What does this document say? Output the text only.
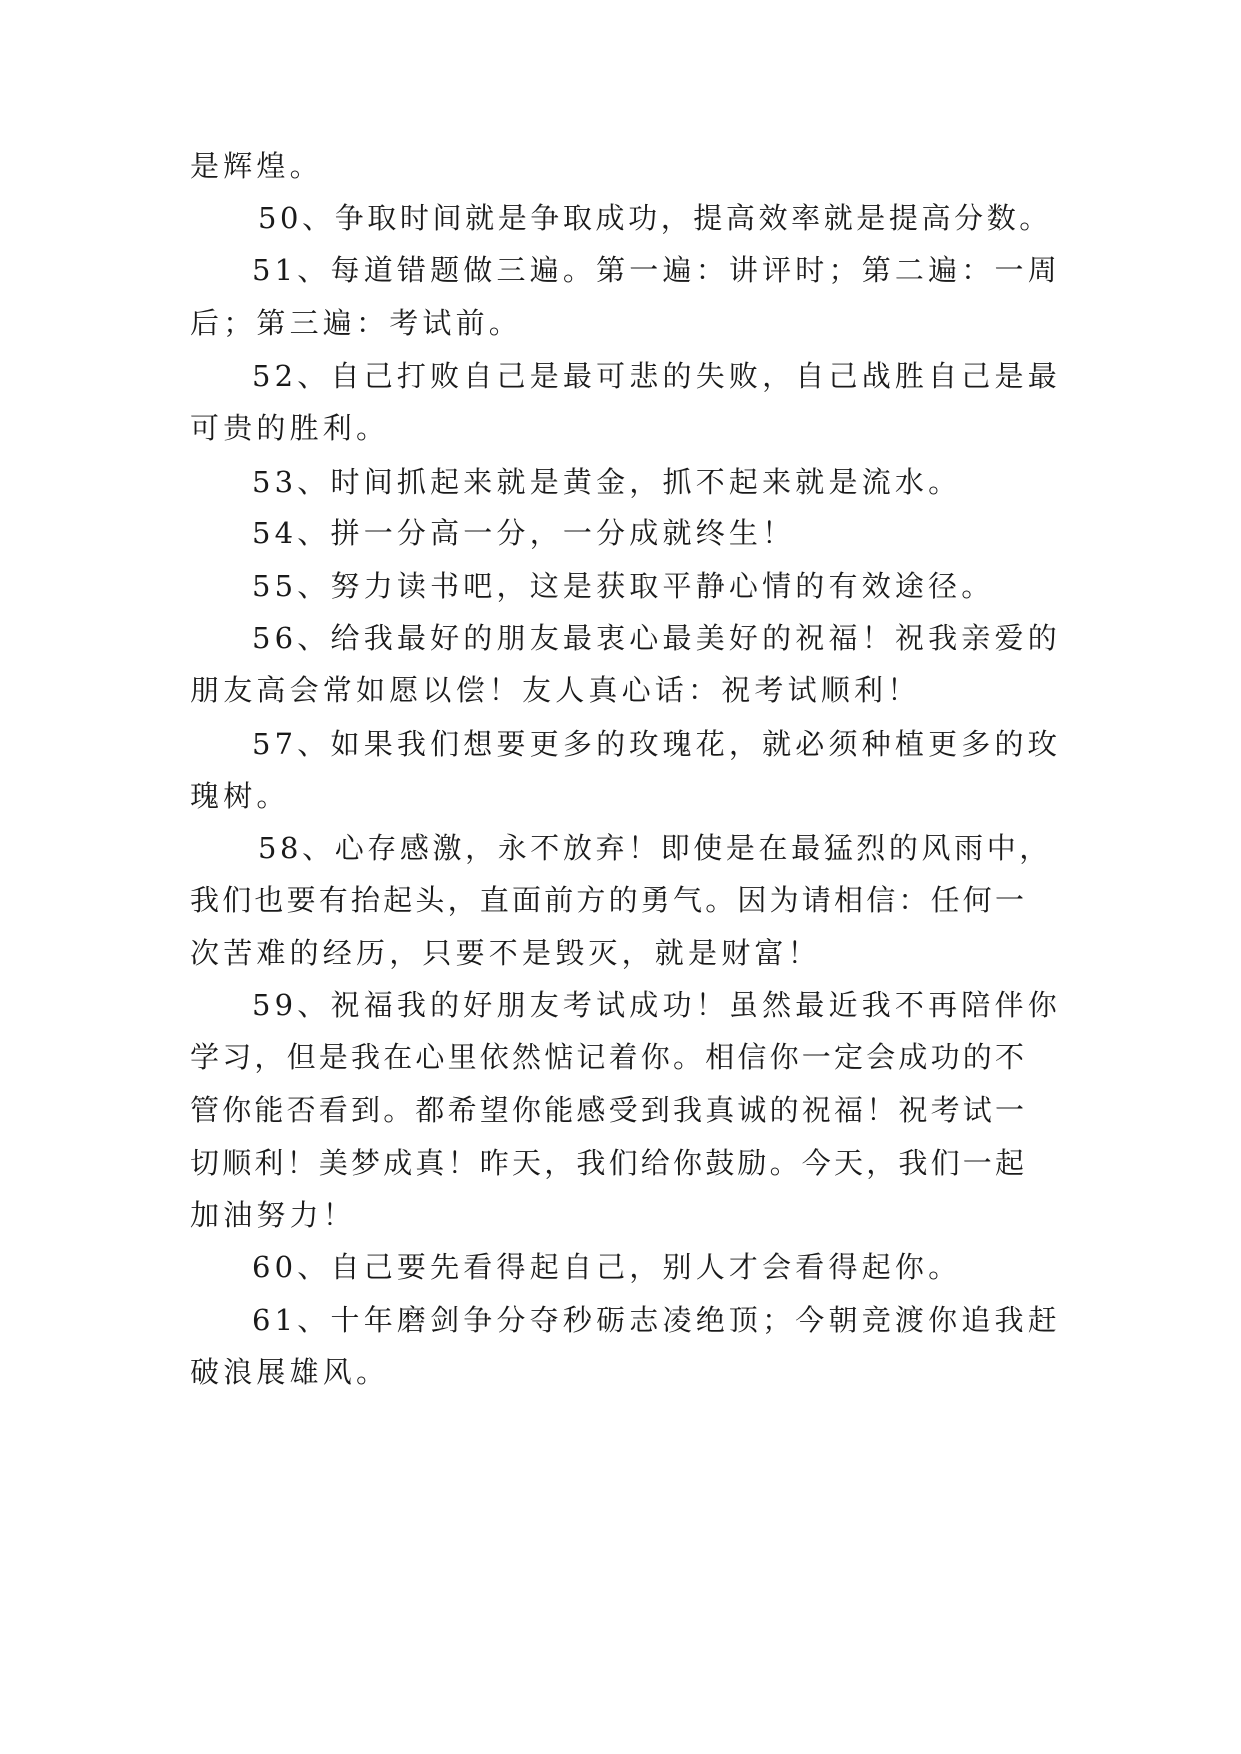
是辉煌。
50、争取时间就是争取成功，提高效率就是提高分数。
51、每道错题做三遍。第一遍：讲评时；第二遍：一周
后；第三遍：考试前。
52、自己打败自己是最可悲的失败，自己战胜自己是最
可贵的胜利。
53、时间抓起来就是黄金，抓不起来就是流水。
54、拼一分高一分，一分成就终生！
55、努力读书吧，这是获取平静心情的有效途径。
56、给我最好的朋友最衷心最美好的祝福！祝我亲爱的
朋友高会常如愿以偿！友人真心话：祝考试顺利！
57、如果我们想要更多的玫瑰花，就必须种植更多的玫
瑰树。
58、心存感激，永不放弃！即使是在最猛烈的风雨中，
我们也要有抬起头，直面前方的勇气。因为请相信：任何一
次苦难的经历，只要不是毁灭，就是财富！
59、祝福我的好朋友考试成功！虽然最近我不再陪伴你
学习，但是我在心里依然惦记着你。相信你一定会成功的不
管你能否看到。都希望你能感受到我真诚的祝福！祝考试一
切顺利！美梦成真！昨天，我们给你鼓励。今天，我们一起
加油努力！
60、自己要先看得起自己，别人才会看得起你。
61、十年磨剑争分夺秒砺志凌绝顶；今朝竞渡你追我赶
破浪展雄风。
